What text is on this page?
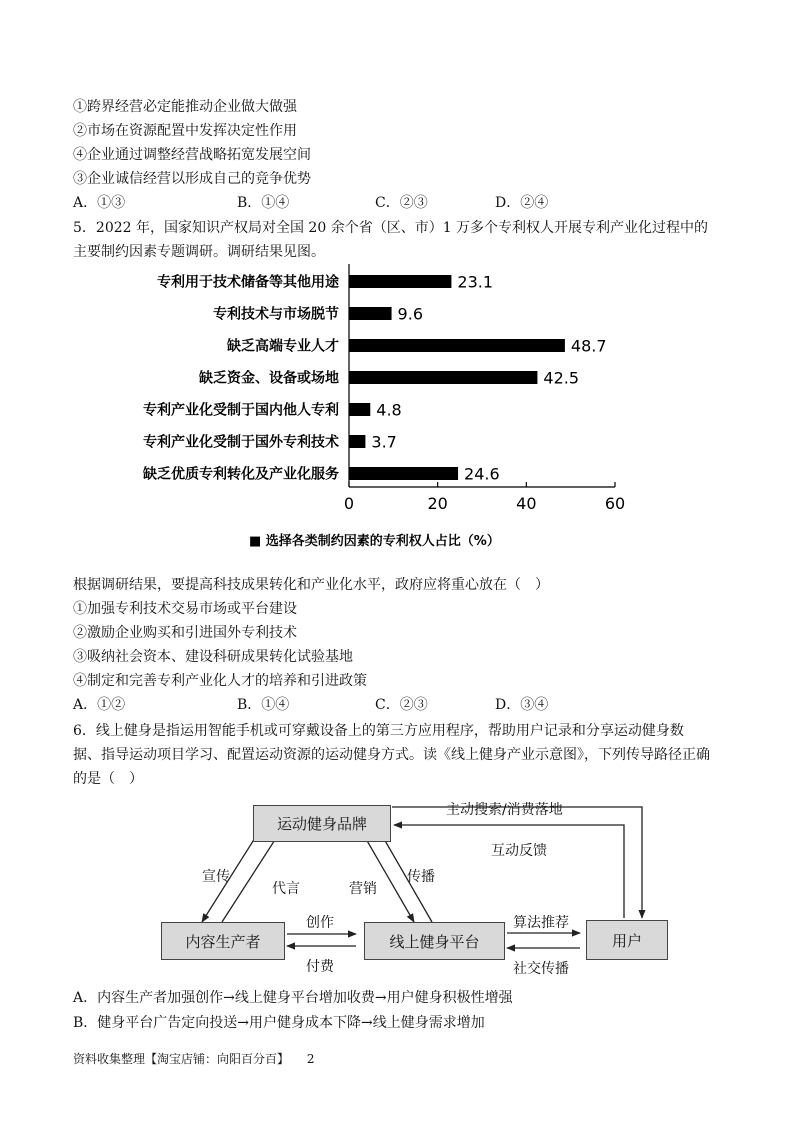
①跨界经营必定能推动企业做大做强
②市场在资源配置中发挥决定性作用
④企业通过调整经营战略拓宽发展空间
③企业诚信经营以形成自己的竞争优势
A．①③	B．①④	C．②③	D．②④
5．2022 年，国家知识产权局对全国 20 余个省（区、市）1 万多个专利权人开展专利产业化过程中的
主要制约因素专题调研。调研结果见图。
专利用于技术储备等其他用途
专利技术与市场脱节
缺乏高端专业人才
缺乏资金、设备或场地
专利产业化受制于国内他人专利
专利产业化受制于国外专利技术
缺乏优质专利转化及产业化服务
23.1
9.6
48.7
42.5
4.8
3.7
24.6
0	20	40	60
■ 选择各类制约因素的专利权人占比（%）
根据调研结果，要提高科技成果转化和产业化水平，政府应将重心放在（　）
①加强专利技术交易市场或平台建设
②激励企业购买和引进国外专利技术
③吸纳社会资本、建设科研成果转化试验基地
④制定和完善专利产业化人才的培养和引进政策
A．①②	B．①④	C．②③	D．③④
6．线上健身是指运用智能手机或可穿戴设备上的第三方应用程序，帮助用户记录和分享运动健身数
据、指导运动项目学习、配置运动资源的运动健身方式。读《线上健身产业示意图》，下列传导路径正确
的是（　）
运动健身品牌
内容生产者	线上健身平台	用户
宣传
代言	营销
传播
创作
付费
算法推荐
社交传播
主动搜索/消费落地
互动反馈
A．内容生产者加强创作→线上健身平台增加收费→用户健身积极性增强
B．健身平台广告定向投送→用户健身成本下降→线上健身需求增加
资料收集整理【淘宝店铺：向阳百分百】 2
